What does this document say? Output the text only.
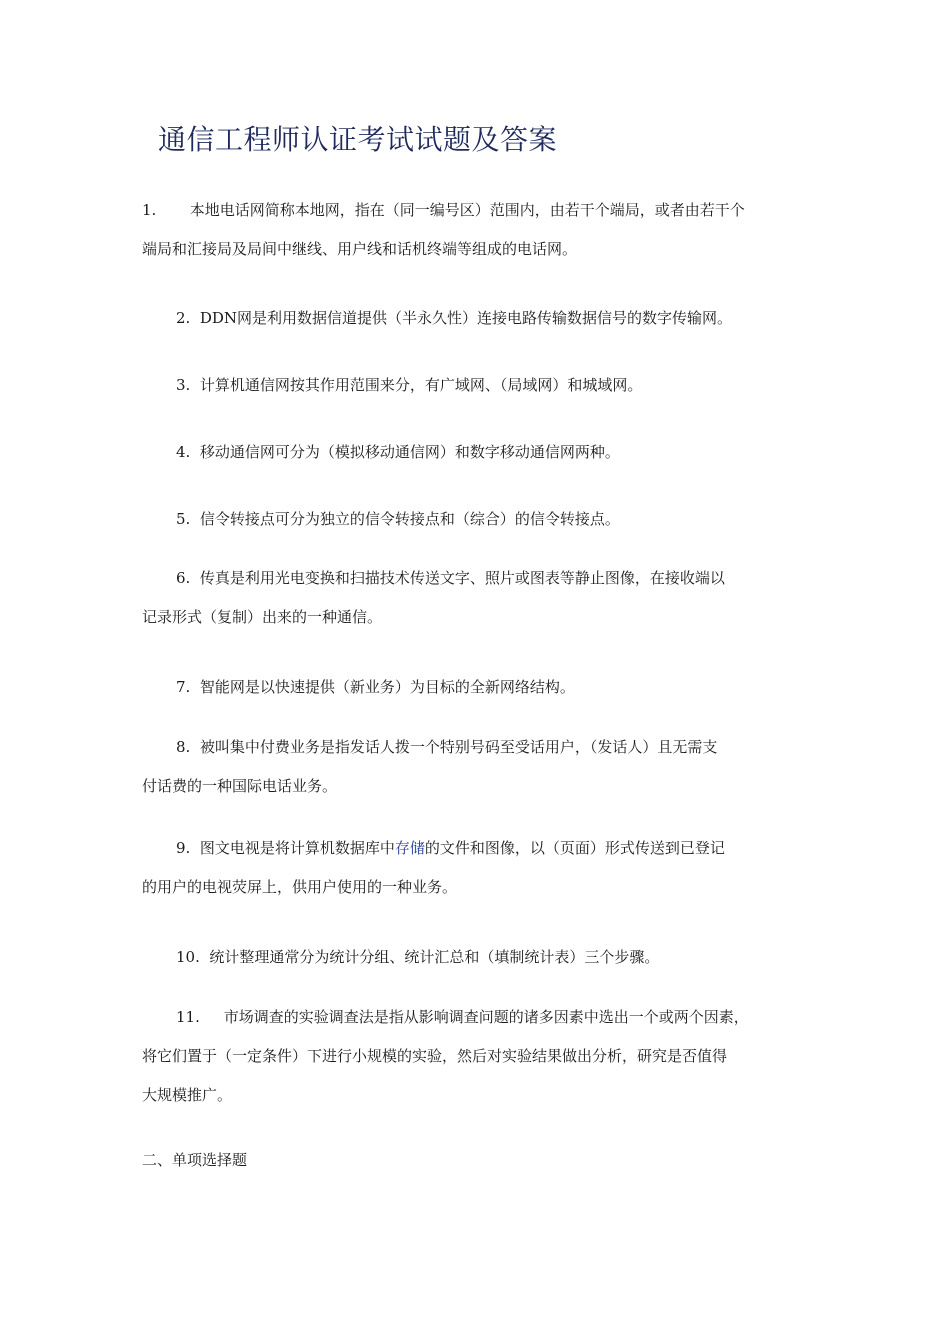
通信工程师认证考试试题及答案
1. 本地电话网简称本地网，指在（同一编号区）范围内，由若干个端局，或者由若干个
端局和汇接局及局间中继线、用户线和话机终端等组成的电话网。
2. DDN网是利用数据信道提供（半永久性）连接电路传输数据信号的数字传输网。
3. 计算机通信网按其作用范围来分，有广域网、（局域网）和城域网。
4. 移动通信网可分为（模拟移动通信网）和数字移动通信网两种。
5. 信令转接点可分为独立的信令转接点和（综合）的信令转接点。
6. 传真是利用光电变换和扫描技术传送文字、照片或图表等静止图像，在接收端以
记录形式（复制）出来的一种通信。
7. 智能网是以快速提供（新业务）为目标的全新网络结构。
8. 被叫集中付费业务是指发话人拨一个特别号码至受话用户，（发话人）且无需支
付话费的一种国际电话业务。
9. 图文电视是将计算机数据库中存储的文件和图像，以（页面）形式传送到已登记
的用户的电视荧屏上，供用户使用的一种业务。
10. 统计整理通常分为统计分组、统计汇总和（填制统计表）三个步骤。
11. 市场调查的实验调查法是指从影响调查问题的诸多因素中选出一个或两个因素，
将它们置于（一定条件）下进行小规模的实验，然后对实验结果做出分析，研究是否值得
大规模推广。
二、单项选择题
